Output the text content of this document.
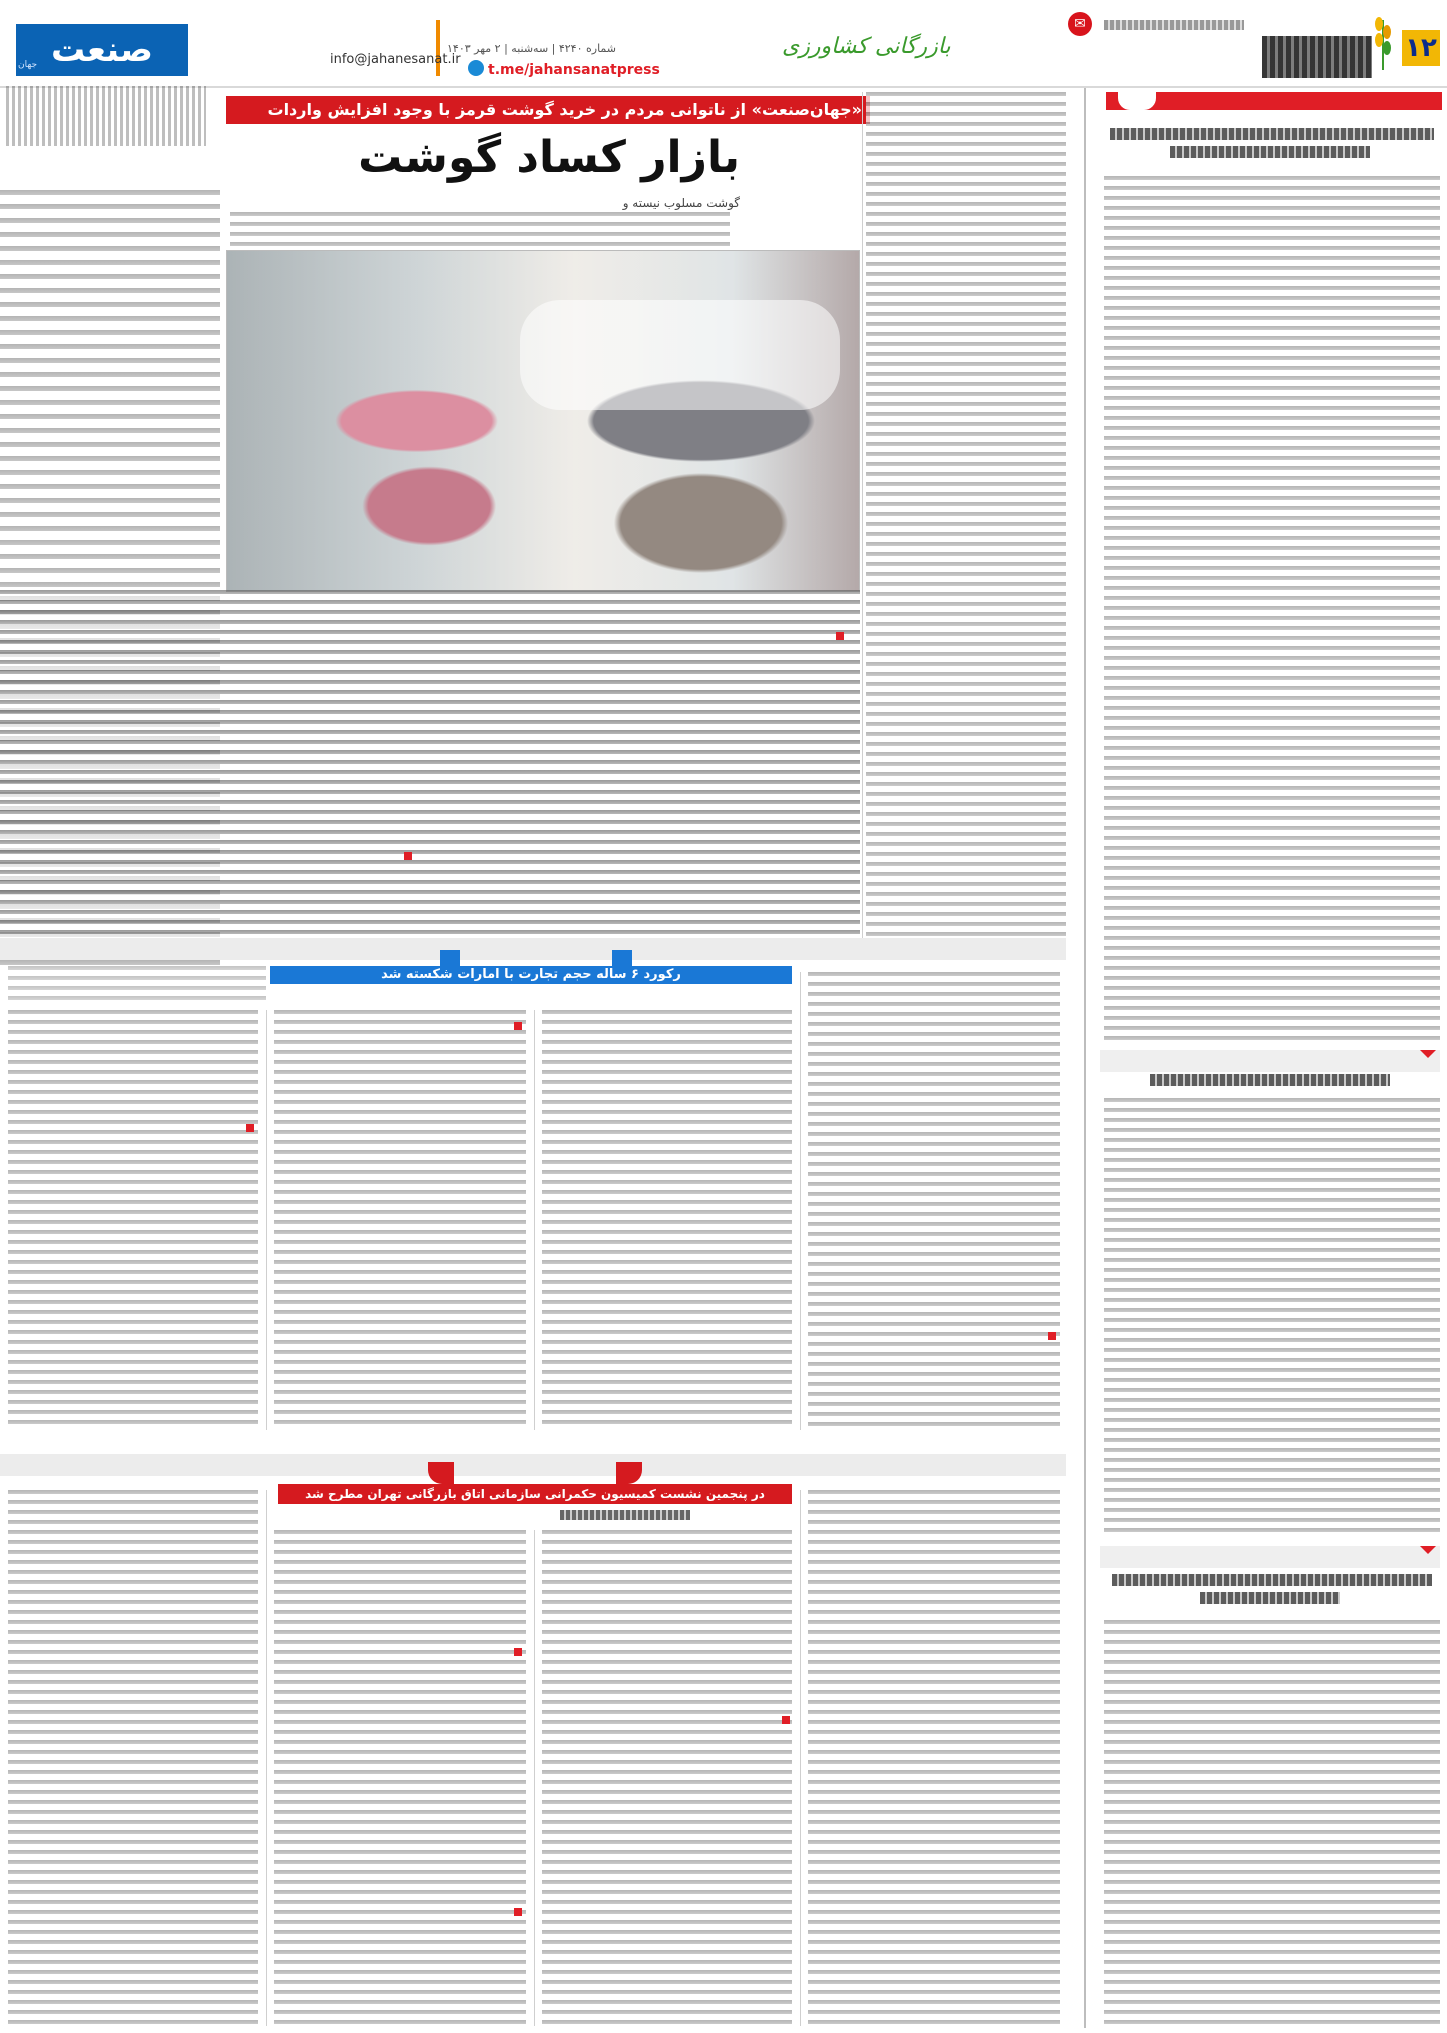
صنعت
جهان
شماره ۴۲۴۰ | سه‌شنبه | ۲ مهر ۱۴۰۳
info@jahanesanat.ir
t.me/jahansanatpress
بازرگانی کشاورزی
✉
۱۲
«جهان‌صنعت» از ناتوانی مردم در خرید گوشت قرمز با وجود افزایش واردات گزارش می‌دهد
بازار کساد گوشت
گوشت مسلوب نیسته و
رکورد ۶ ساله حجم تجارت با امارات شکسته شد
در پنجمین نشست کمیسیون حکمرانی سازمانی اتاق بازرگانی تهران مطرح شد
